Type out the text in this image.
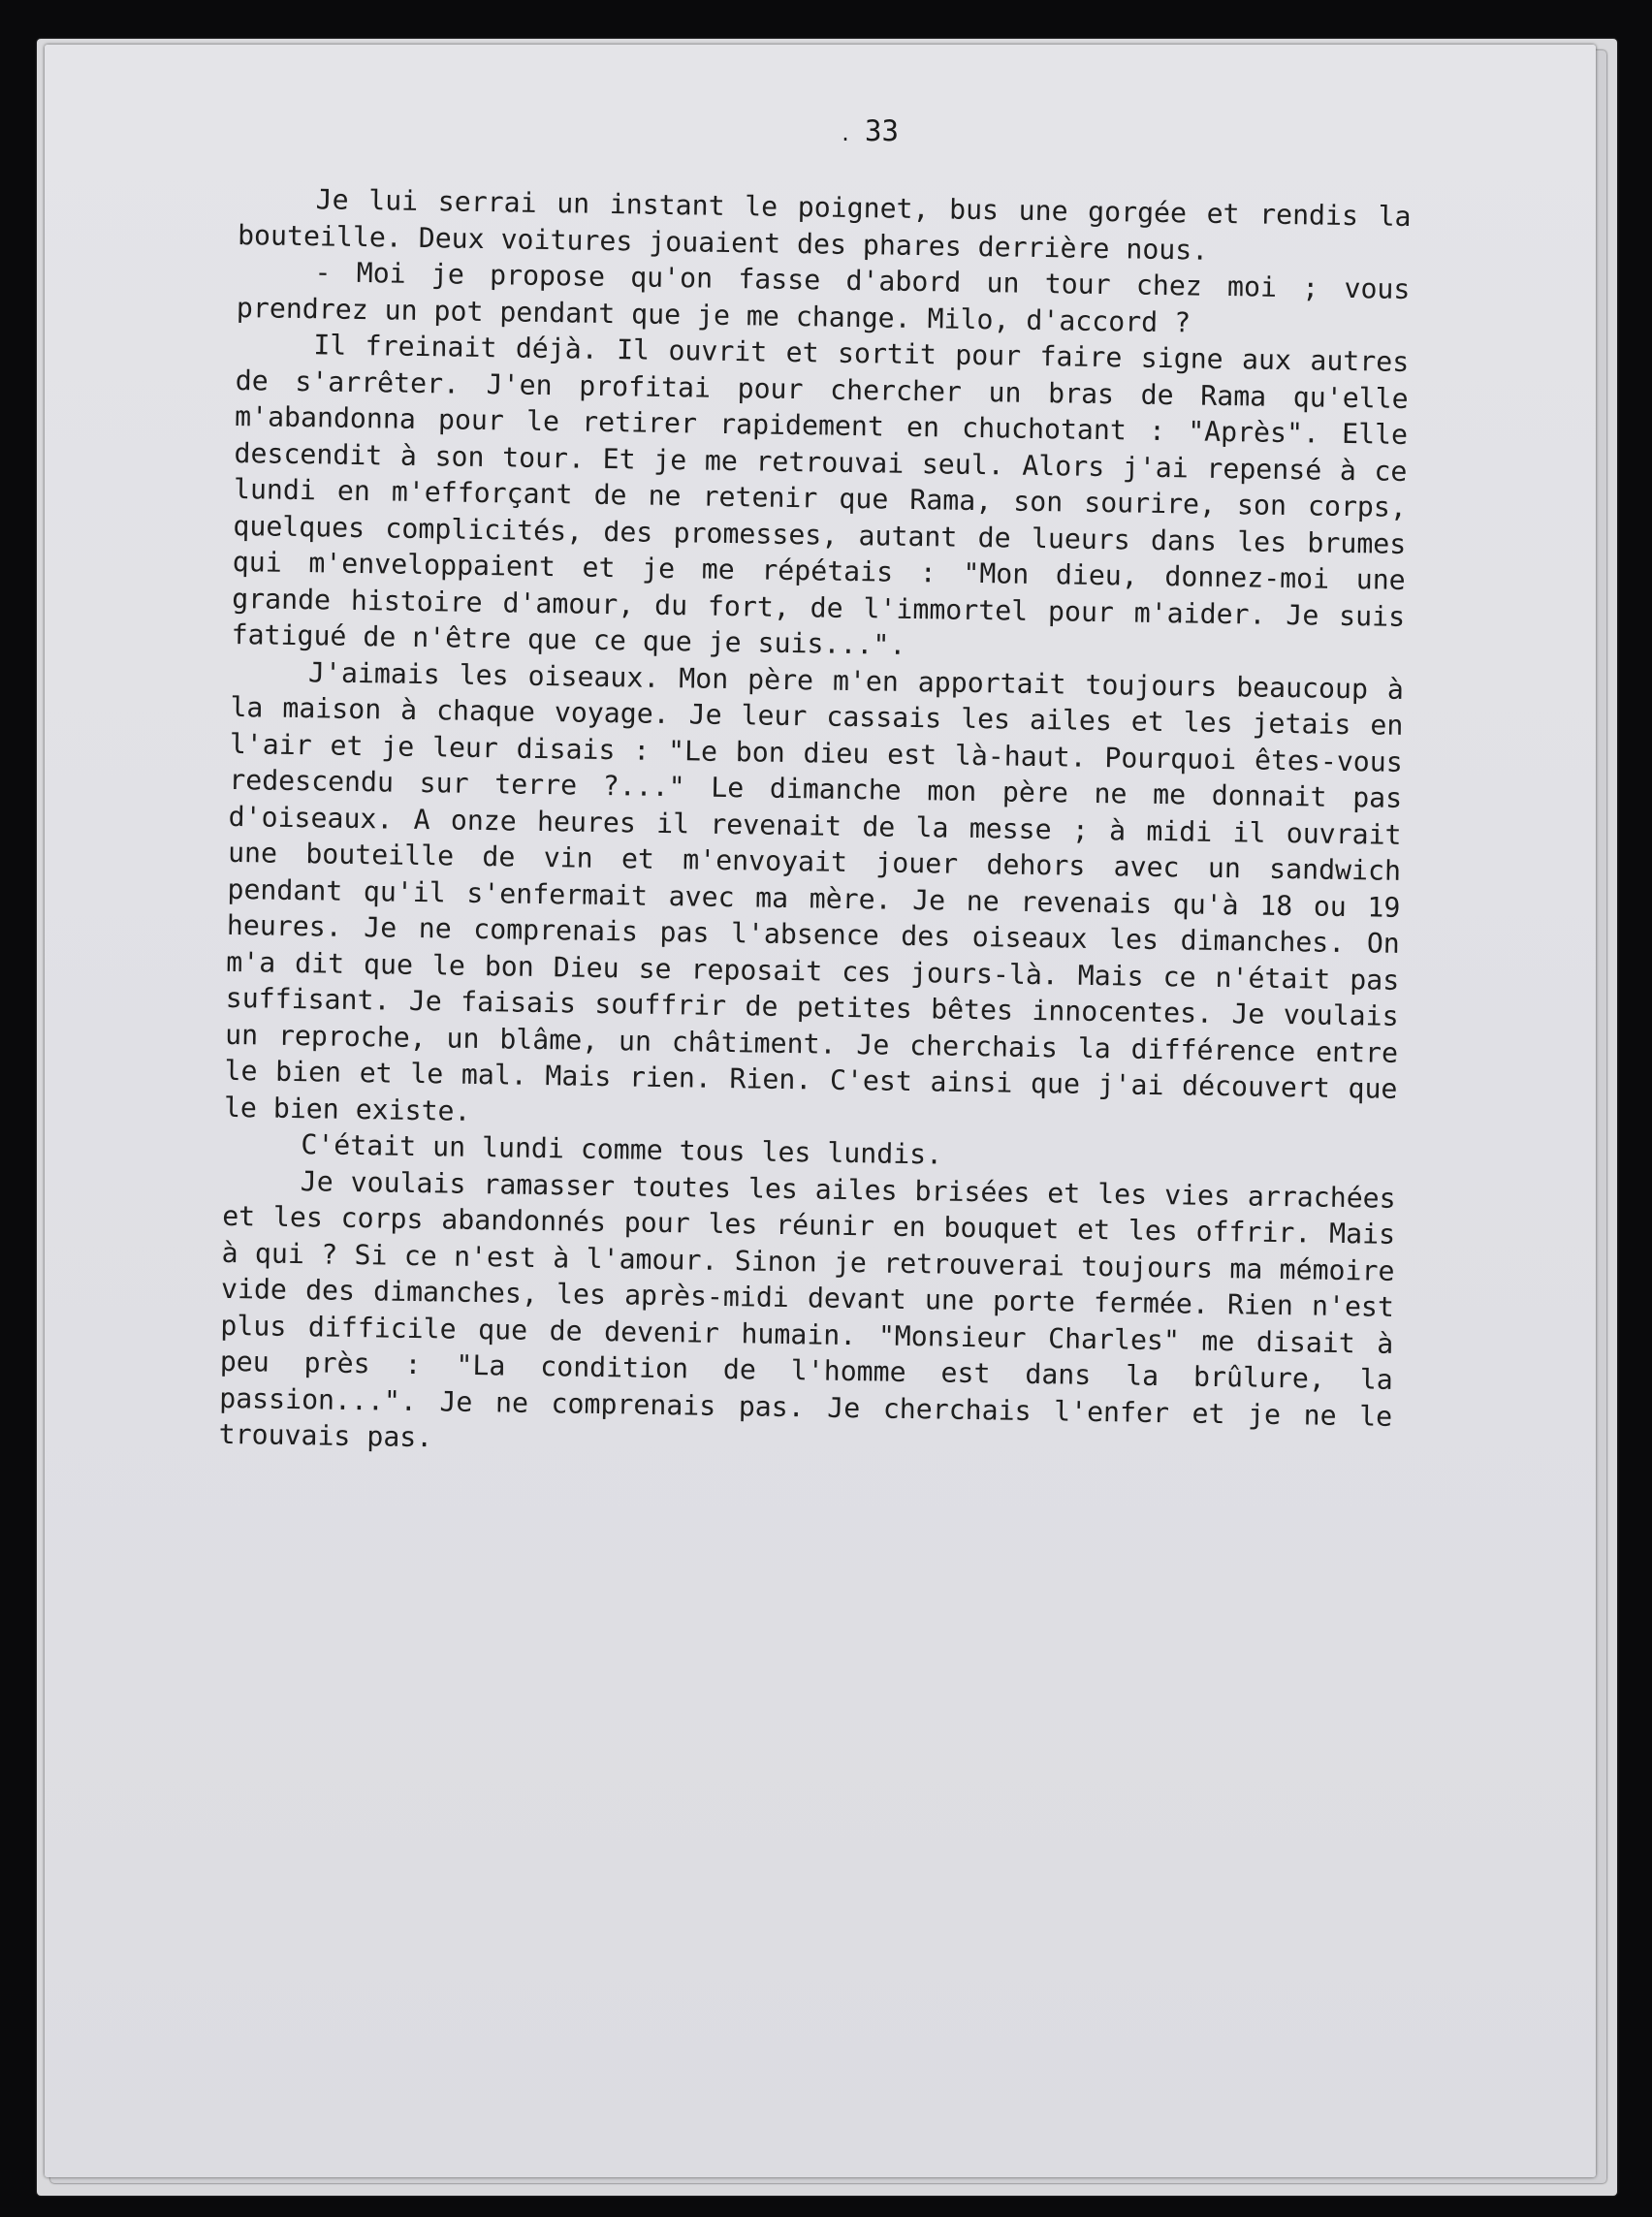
. 33

Je lui serrai un instant le poignet, bus une gorgée et rendis la bouteille. Deux voitures jouaient des phares derrière nous.

- Moi je propose qu'on fasse d'abord un tour chez moi ; vous prendrez un pot pendant que je me change. Milo, d'accord ?

Il freinait déjà. Il ouvrit et sortit pour faire signe aux autres de s'arrêter. J'en profitai pour chercher un bras de Rama qu'elle m'abandonna pour le retirer rapidement en chuchotant : "Après". Elle descendit à son tour. Et je me retrouvai seul. Alors j'ai repensé à ce lundi en m'efforçant de ne retenir que Rama, son sourire, son corps, quelques complicités, des promesses, autant de lueurs dans les brumes qui m'enveloppaient et je me répétais : "Mon dieu, donnez-moi une grande histoire d'amour, du fort, de l'immortel pour m'aider. Je suis fatigué de n'être que ce que je suis...".

J'aimais les oiseaux. Mon père m'en apportait toujours beaucoup à la maison à chaque voyage. Je leur cassais les ailes et les jetais en l'air et je leur disais : "Le bon dieu est là-haut. Pourquoi êtes-vous redescendu sur terre ?..." Le dimanche mon père ne me donnait pas d'oiseaux. A onze heures il revenait de la messe ; à midi il ouvrait une bouteille de vin et m'envoyait jouer dehors avec un sandwich pendant qu'il s'enfermait avec ma mère. Je ne revenais qu'à 18 ou 19 heures. Je ne comprenais pas l'absence des oiseaux les dimanches. On m'a dit que le bon Dieu se reposait ces jours-là. Mais ce n'était pas suffisant. Je faisais souffrir de petites bêtes innocentes. Je voulais un reproche, un blâme, un châtiment. Je cherchais la différence entre le bien et le mal. Mais rien. Rien. C'est ainsi que j'ai découvert que le bien existe.

C'était un lundi comme tous les lundis.

Je voulais ramasser toutes les ailes brisées et les vies arrachées et les corps abandonnés pour les réunir en bouquet et les offrir. Mais à qui ? Si ce n'est à l'amour. Sinon je retrouverai toujours ma mémoire vide des dimanches, les après-midi devant une porte fermée. Rien n'est plus difficile que de devenir humain. "Monsieur Charles" me disait à peu près : "La condition de l'homme est dans la brûlure, la passion...". Je ne comprenais pas. Je cherchais l'enfer et je ne le trouvais pas.
